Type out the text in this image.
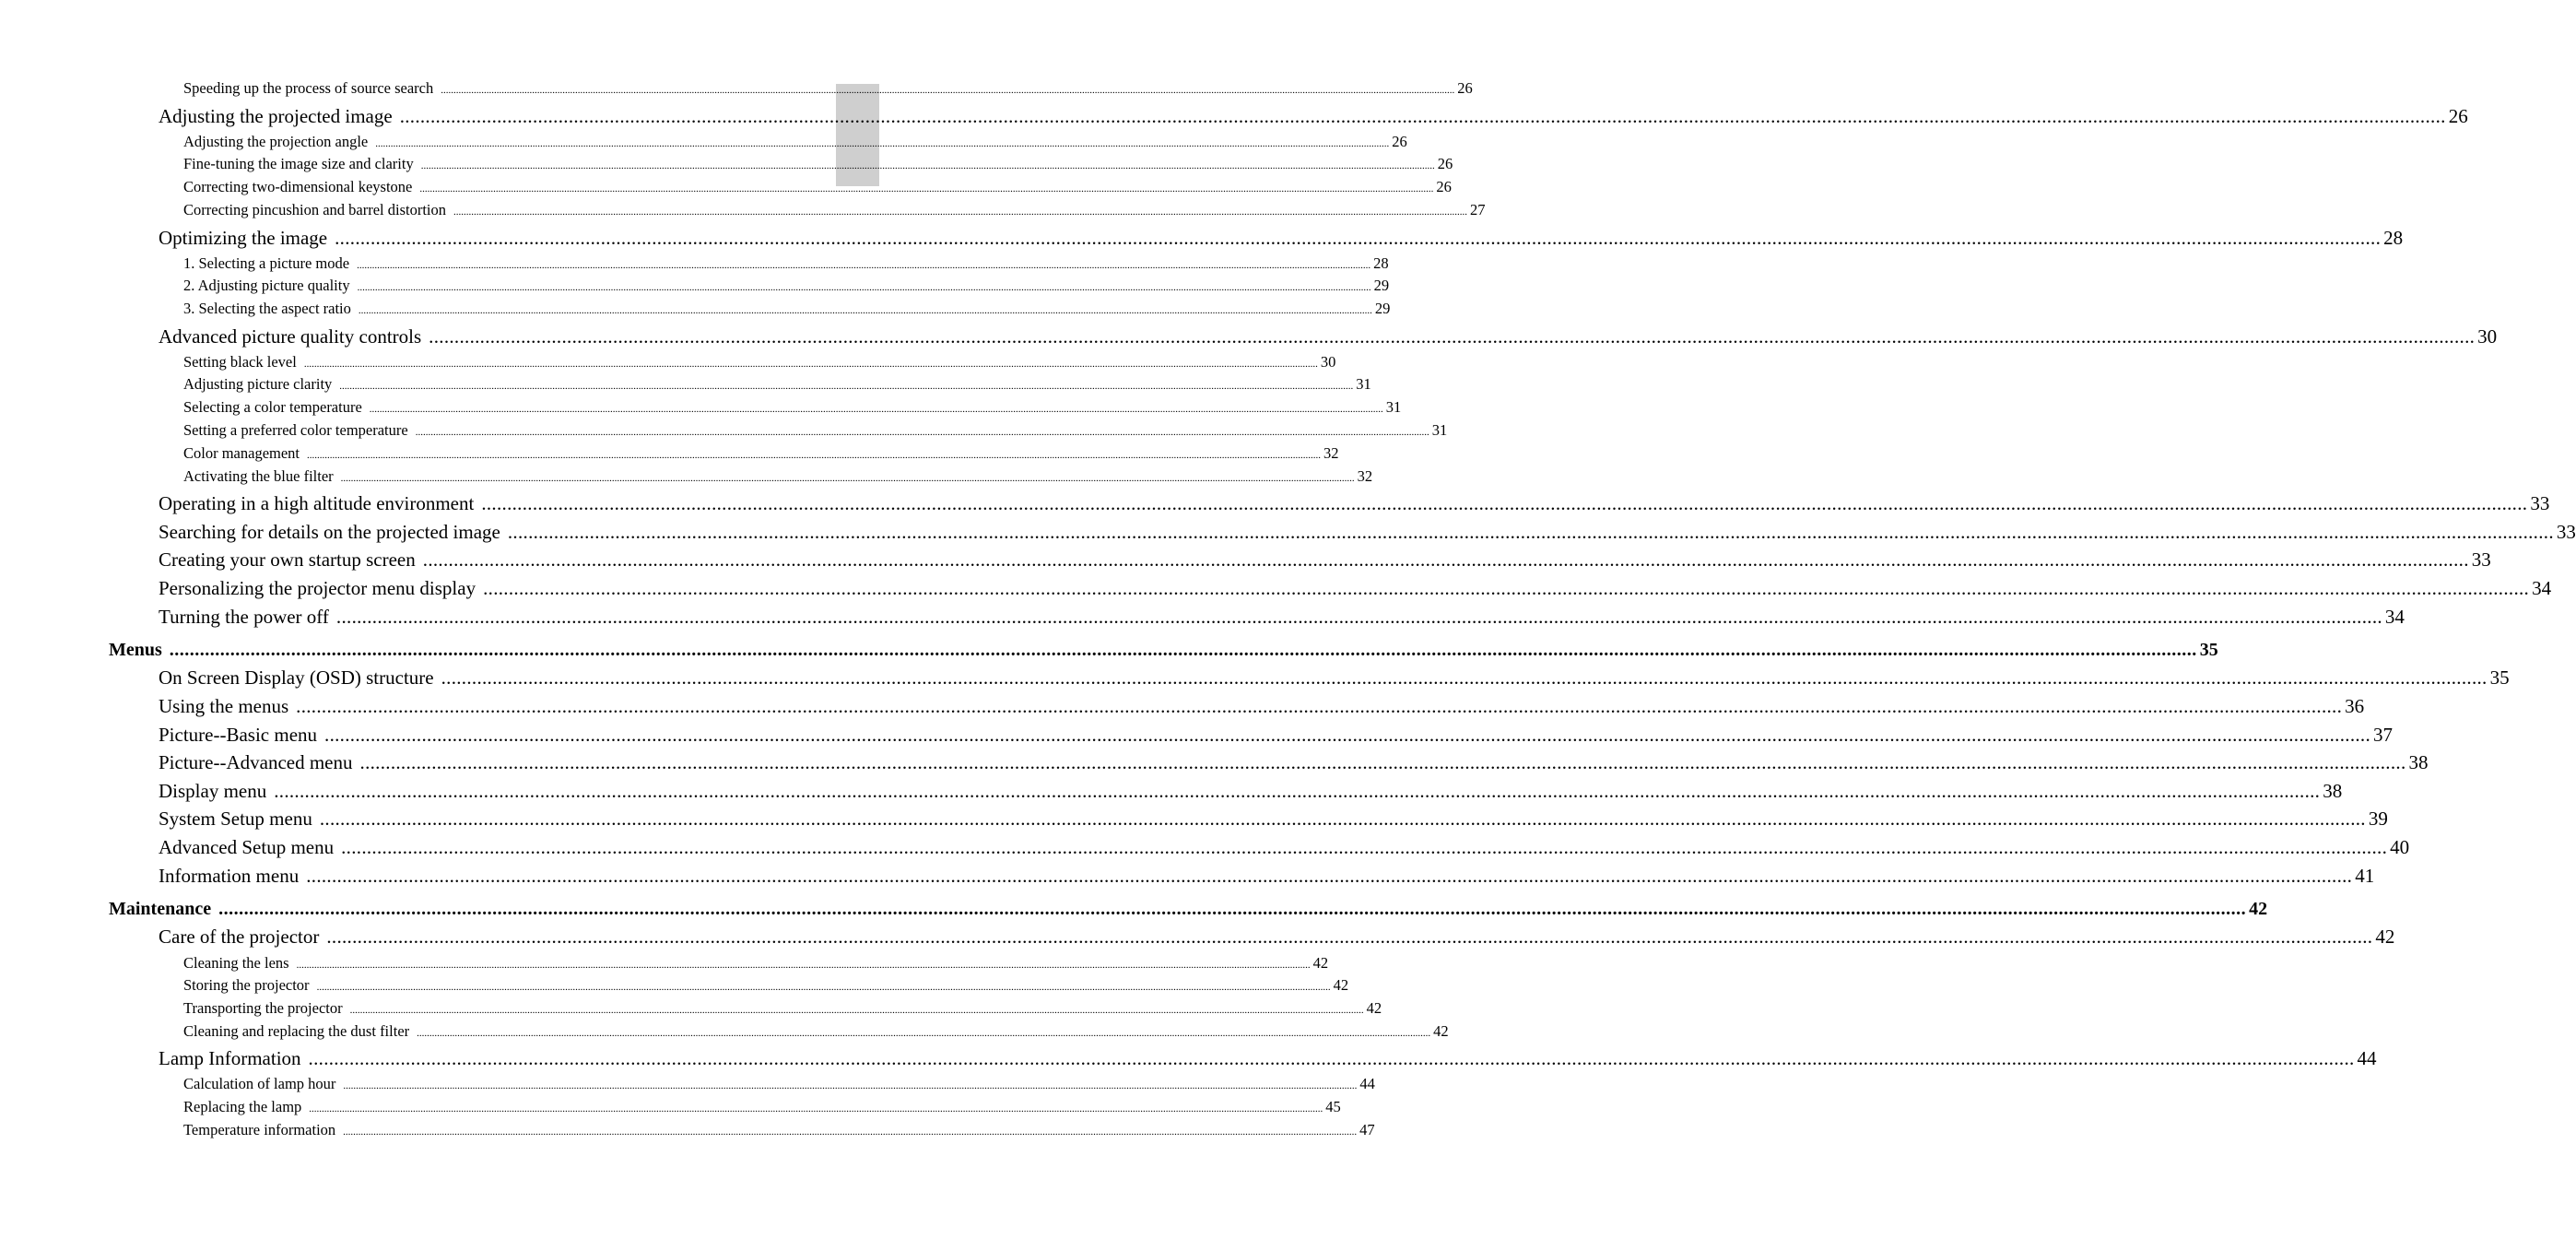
Speeding up the process of source search ................................................................................................................................................................................................................................................................................................................................................................................................................ 26
Adjusting the projected image ................................................................................................................................................................................................................................................................................................................................................................................................................ 26
Adjusting the projection angle ................................................................................................................................................................................................................................................................................................................................................................................................................ 26
Fine-tuning the image size and clarity ................................................................................................................................................................................................................................................................................................................................................................................................................ 26
Correcting two-dimensional keystone ................................................................................................................................................................................................................................................................................................................................................................................................................ 26
Correcting pincushion and barrel distortion ................................................................................................................................................................................................................................................................................................................................................................................................................ 27
Optimizing the image ................................................................................................................................................................................................................................................................................................................................................................................................................ 28
1. Selecting a picture mode ................................................................................................................................................................................................................................................................................................................................................................................................................ 28
2. Adjusting picture quality ................................................................................................................................................................................................................................................................................................................................................................................................................ 29
3. Selecting the aspect ratio ................................................................................................................................................................................................................................................................................................................................................................................................................ 29
Advanced picture quality controls ................................................................................................................................................................................................................................................................................................................................................................................................................ 30
Setting black level ................................................................................................................................................................................................................................................................................................................................................................................................................ 30
Adjusting picture clarity ................................................................................................................................................................................................................................................................................................................................................................................................................ 31
Selecting a color temperature ................................................................................................................................................................................................................................................................................................................................................................................................................ 31
Setting a preferred color temperature ................................................................................................................................................................................................................................................................................................................................................................................................................ 31
Color management ................................................................................................................................................................................................................................................................................................................................................................................................................ 32
Activating the blue filter ................................................................................................................................................................................................................................................................................................................................................................................................................ 32
Operating in a high altitude environment ................................................................................................................................................................................................................................................................................................................................................................................................................ 33
Searching for details on the projected image ................................................................................................................................................................................................................................................................................................................................................................................................................ 33
Creating your own startup screen ................................................................................................................................................................................................................................................................................................................................................................................................................ 33
Personalizing the projector menu display ................................................................................................................................................................................................................................................................................................................................................................................................................ 34
Turning the power off ................................................................................................................................................................................................................................................................................................................................................................................................................ 34
Menus ................................................................................................................................................................................................................................................................................................................................................................................................................ 35
On Screen Display (OSD) structure ................................................................................................................................................................................................................................................................................................................................................................................................................ 35
Using the menus ................................................................................................................................................................................................................................................................................................................................................................................................................ 36
Picture--Basic menu ................................................................................................................................................................................................................................................................................................................................................................................................................ 37
Picture--Advanced menu ................................................................................................................................................................................................................................................................................................................................................................................................................ 38
Display menu ................................................................................................................................................................................................................................................................................................................................................................................................................ 38
System Setup menu ................................................................................................................................................................................................................................................................................................................................................................................................................ 39
Advanced Setup menu ................................................................................................................................................................................................................................................................................................................................................................................................................ 40
Information menu ................................................................................................................................................................................................................................................................................................................................................................................................................ 41
Maintenance ................................................................................................................................................................................................................................................................................................................................................................................................................ 42
Care of the projector ................................................................................................................................................................................................................................................................................................................................................................................................................ 42
Cleaning the lens ................................................................................................................................................................................................................................................................................................................................................................................................................ 42
Storing the projector ................................................................................................................................................................................................................................................................................................................................................................................................................ 42
Transporting the projector ................................................................................................................................................................................................................................................................................................................................................................................................................ 42
Cleaning and replacing the dust filter ................................................................................................................................................................................................................................................................................................................................................................................................................ 42
Lamp Information ................................................................................................................................................................................................................................................................................................................................................................................................................ 44
Calculation of lamp hour ................................................................................................................................................................................................................................................................................................................................................................................................................ 44
Replacing the lamp ................................................................................................................................................................................................................................................................................................................................................................................................................ 45
Temperature information ................................................................................................................................................................................................................................................................................................................................................................................................................ 47
